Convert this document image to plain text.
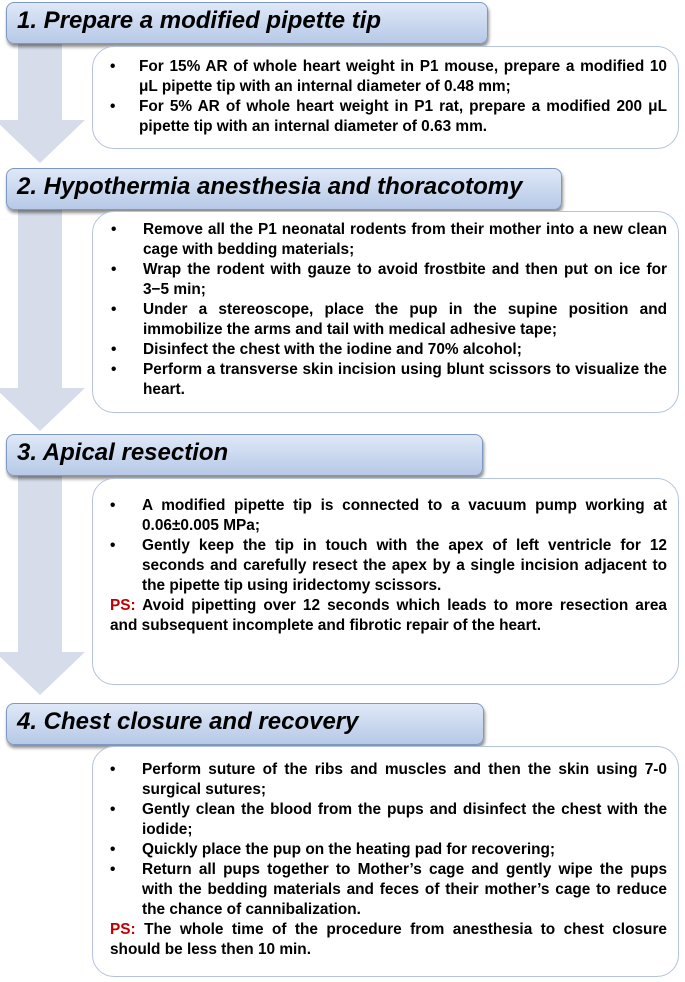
1. Prepare a modified pipette tip
• For 15% AR of whole heart weight in P1 mouse, prepare a modified 10 μL pipette tip with an internal diameter of 0.48 mm;
• For 5% AR of whole heart weight in P1 rat, prepare a modified 200 μL pipette tip with an internal diameter of 0.63 mm.
2. Hypothermia anesthesia and thoracotomy
• Remove all the P1 neonatal rodents from their mother into a new clean cage with bedding materials;
• Wrap the rodent with gauze to avoid frostbite and then put on ice for 3−5 min;
• Under a stereoscope, place the pup in the supine position and immobilize the arms and tail with medical adhesive tape;
• Disinfect the chest with the iodine and 70% alcohol;
• Perform a transverse skin incision using blunt scissors to visualize the heart.
3. Apical resection
• A modified pipette tip is connected to a vacuum pump working at 0.06±0.005 MPa;
• Gently keep the tip in touch with the apex of left ventricle for 12 seconds and carefully resect the apex by a single incision adjacent to the pipette tip using iridectomy scissors.
PS: Avoid pipetting over 12 seconds which leads to more resection area and subsequent incomplete and fibrotic repair of the heart.
4. Chest closure and recovery
• Perform suture of the ribs and muscles and then the skin using 7-0 surgical sutures;
• Gently clean the blood from the pups and disinfect the chest with the iodide;
• Quickly place the pup on the heating pad for recovering;
• Return all pups together to Mother’s cage and gently wipe the pups with the bedding materials and feces of their mother’s cage to reduce the chance of cannibalization.
PS: The whole time of the procedure from anesthesia to chest closure should be less then 10 min.
